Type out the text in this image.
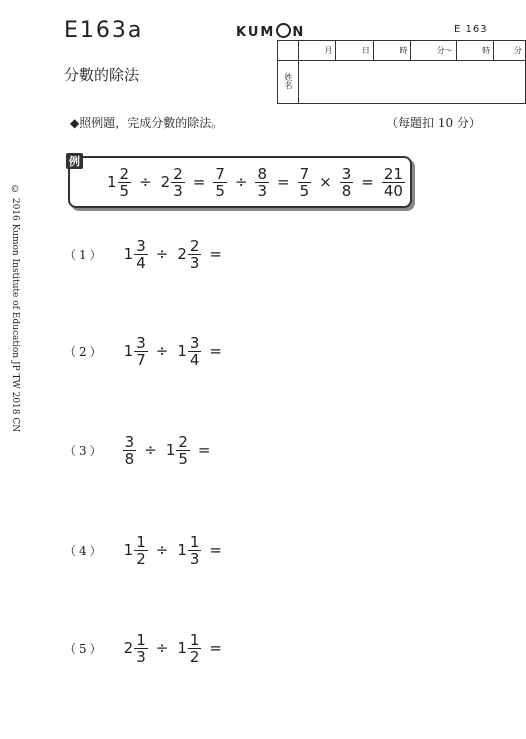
E163a	KUM N	E 163
	月	日	時	分～	時	分
姓名						
分數的除法
◆照例題，完成分數的除法。	（每題扣 10 分）
© 2016 Kumon Institute of Education JP TW 2018 CN
$1 \frac{2}{5} \div 2 \frac{2}{3} = \frac{7}{5} \div \frac{8}{3} = \frac{7}{5} \times \frac{3}{8} = \frac{21}{40}$
例
（1） $1 \frac{3}{4} \div 2 \frac{2}{3}$ =
（2） $1 \frac{3}{7} \div 1 \frac{3}{4}$ =
$(3) \frac{3}{8} \div 1 \frac{2}{5}$ =
（4） $1 \frac{1}{2} \div 1 \frac{1}{3}$ =
（5） $2 \frac{1}{3} \div 1 \frac{1}{2}$ =
